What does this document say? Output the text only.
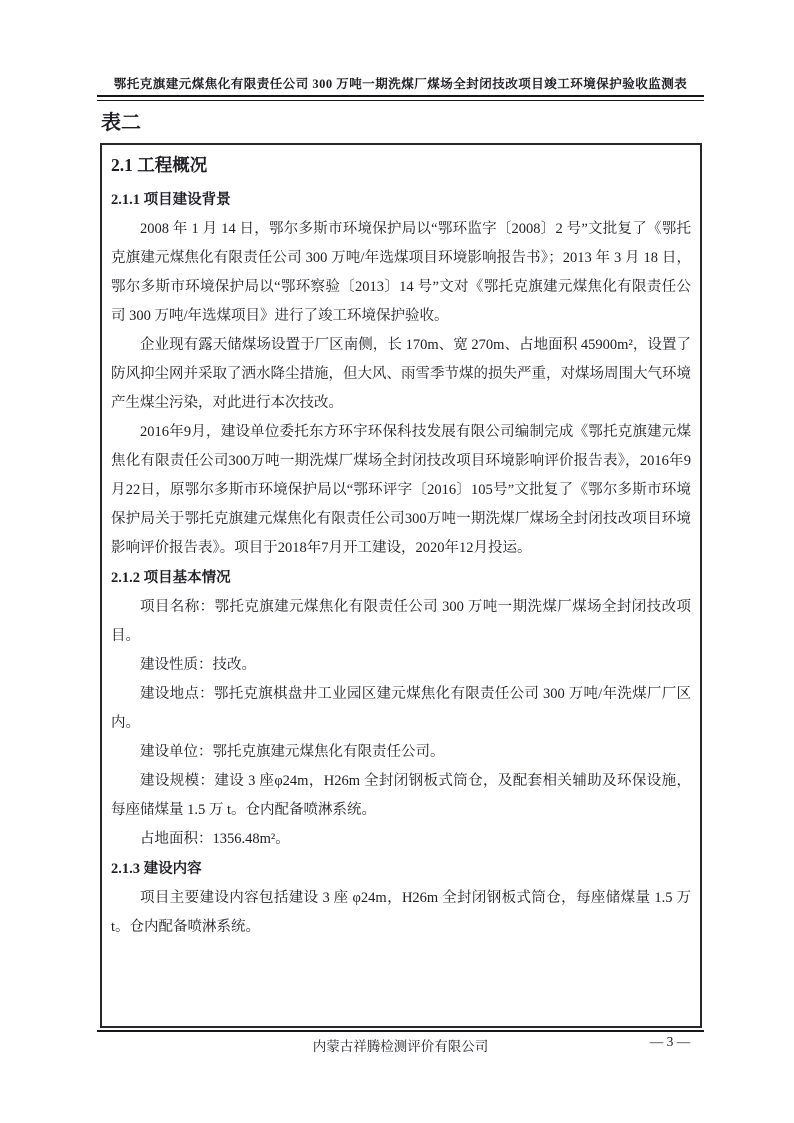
鄂托克旗建元煤焦化有限责任公司 300 万吨一期洗煤厂煤场全封闭技改项目竣工环境保护验收监测表
表二
2.1 工程概况
2.1.1 项目建设背景

2008 年 1 月 14 日，鄂尔多斯市环境保护局以“鄂环监字〔2008〕2 号”文批复了《鄂托克旗建元煤焦化有限责任公司 300 万吨/年选煤项目环境影响报告书》；2013 年 3 月 18 日，鄂尔多斯市环境保护局以“鄂环察验〔2013〕14 号”文对《鄂托克旗建元煤焦化有限责任公司 300 万吨/年选煤项目》进行了竣工环境保护验收。

企业现有露天储煤场设置于厂区南侧，长 170m、宽 270m、占地面积 45900m²，设置了防风抑尘网并采取了洒水降尘措施，但大风、雨雪季节煤的损失严重，对煤场周围大气环境产生煤尘污染，对此进行本次技改。

2016年9月，建设单位委托东方环宇环保科技发展有限公司编制完成《鄂托克旗建元煤焦化有限责任公司300万吨一期洗煤厂煤场全封闭技改项目环境影响评价报告表》，2016年9月22日，原鄂尔多斯市环境保护局以“鄂环评字〔2016〕105号”文批复了《鄂尔多斯市环境保护局关于鄂托克旗建元煤焦化有限责任公司300万吨一期洗煤厂煤场全封闭技改项目环境影响评价报告表》。项目于2018年7月开工建设，2020年12月投运。

2.1.2 项目基本情况

项目名称：鄂托克旗建元煤焦化有限责任公司 300 万吨一期洗煤厂煤场全封闭技改项目。

建设性质：技改。

建设地点：鄂托克旗棋盘井工业园区建元煤焦化有限责任公司 300 万吨/年洗煤厂厂区内。

建设单位：鄂托克旗建元煤焦化有限责任公司。

建设规模：建设 3 座φ24m，H26m 全封闭钢板式筒仓，及配套相关辅助及环保设施，每座储煤量 1.5 万 t。仓内配备喷淋系统。

占地面积：1356.48m²。

2.1.3 建设内容

项目主要建设内容包括建设 3 座 φ24m，H26m 全封闭钢板式筒仓，每座储煤量 1.5 万 t。仓内配备喷淋系统。

内蒙古祥腾检测评价有限公司	— 3 —
